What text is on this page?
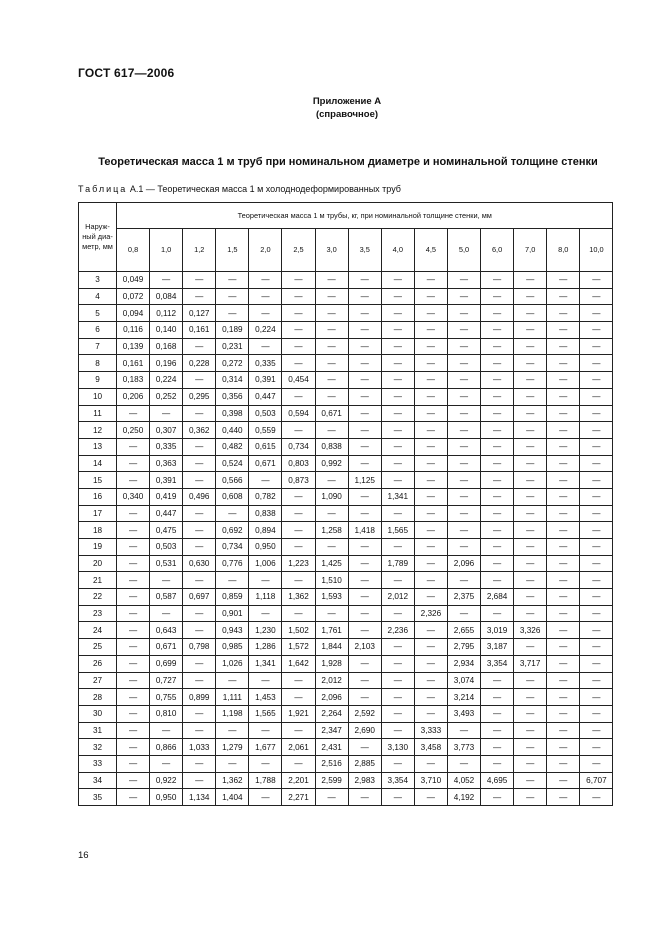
ГОСТ 617—2006
Приложение А
(справочное)
Теоретическая масса 1 м труб при номинальном диаметре и номинальной толщине стенки
Таблица А.1 — Теоретическая масса 1 м холоднодеформированных труб
Наруж-ный диа-метр, мм	Теоретическая масса 1 м трубы, кг, при номинальной толщине стенки, мм														
	0,8	1,0	1,2	1,5	2,0	2,5	3,0	3,5	4,0	4,5	5,0	6,0	7,0	8,0	10,0
3	0,049	—	—	—	—	—	—	—	—	—	—	—	—	—	—
4	0,072	0,084	—	—	—	—	—	—	—	—	—	—	—	—	—
5	0,094	0,112	0,127	—	—	—	—	—	—	—	—	—	—	—	—
6	0,116	0,140	0,161	0,189	0,224	—	—	—	—	—	—	—	—	—	—
7	0,139	0,168	—	0,231	—	—	—	—	—	—	—	—	—	—	—
8	0,161	0,196	0,228	0,272	0,335	—	—	—	—	—	—	—	—	—	—
9	0,183	0,224	—	0,314	0,391	0,454	—	—	—	—	—	—	—	—	—
10	0,206	0,252	0,295	0,356	0,447	—	—	—	—	—	—	—	—	—	—
11	—	—	—	0,398	0,503	0,594	0,671	—	—	—	—	—	—	—	—
12	0,250	0,307	0,362	0,440	0,559	—	—	—	—	—	—	—	—	—	—
13	—	0,335	—	0,482	0,615	0,734	0,838	—	—	—	—	—	—	—	—
14	—	0,363	—	0,524	0,671	0,803	0,992	—	—	—	—	—	—	—	—
15	—	0,391	—	0,566	—	0,873	—	1,125	—	—	—	—	—	—	—
16	0,340	0,419	0,496	0,608	0,782	—	1,090	—	1,341	—	—	—	—	—	—
17	—	0,447	—	—	0,838	—	—	—	—	—	—	—	—	—	—
18	—	0,475	—	0,692	0,894	—	1,258	1,418	1,565	—	—	—	—	—	—
19	—	0,503	—	0,734	0,950	—	—	—	—	—	—	—	—	—	—
20	—	0,531	0,630	0,776	1,006	1,223	1,425	—	1,789	—	2,096	—	—	—	—
21	—	—	—	—	—	—	1,510	—	—	—	—	—	—	—	—
22	—	0,587	0,697	0,859	1,118	1,362	1,593	—	2,012	—	2,375	2,684	—	—	—
23	—	—	—	0,901	—	—	—	—	—	2,326	—	—	—	—	—
24	—	0,643	—	0,943	1,230	1,502	1,761	—	2,236	—	2,655	3,019	3,326	—	—
25	—	0,671	0,798	0,985	1,286	1,572	1,844	2,103	—	—	2,795	3,187	—	—	—
26	—	0,699	—	1,026	1,341	1,642	1,928	—	—	—	2,934	3,354	3,717	—	—
27	—	0,727	—	—	—	—	2,012	—	—	—	3,074	—	—	—	—
28	—	0,755	0,899	1,111	1,453	—	2,096	—	—	—	3,214	—	—	—	—
30	—	0,810	—	1,198	1,565	1,921	2,264	2,592	—	—	3,493	—	—	—	—
31	—	—	—	—	—	—	2,347	2,690	—	3,333	—	—	—	—	—
32	—	0,866	1,033	1,279	1,677	2,061	2,431	—	3,130	3,458	3,773	—	—	—	—
33	—	—	—	—	—	—	2,516	2,885	—	—	—	—	—	—	—
34	—	0,922	—	1,362	1,788	2,201	2,599	2,983	3,354	3,710	4,052	4,695	—	—	6,707
35	—	0,950	1,134	1,404	—	2,271	—	—	—	—	4,192	—	—	—	—
16
